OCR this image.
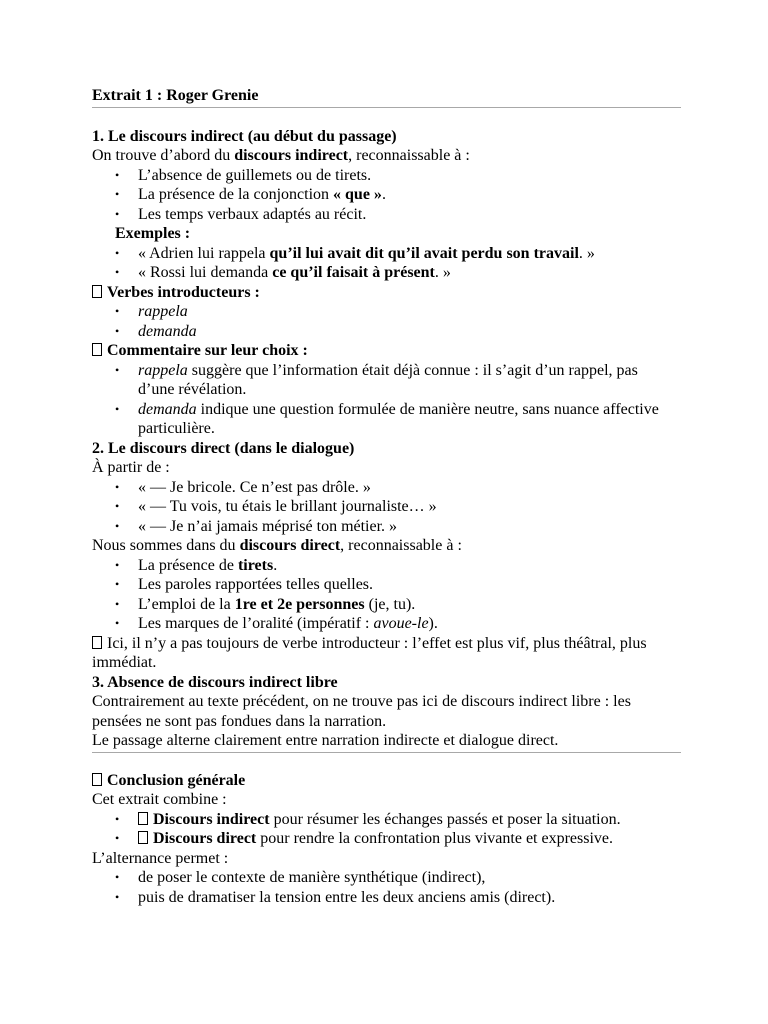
Extrait 1 : Roger Grenie

1. Le discours indirect (au début du passage)

On trouve d’abord du discours indirect, reconnaissable à :

• L’absence de guillemets ou de tirets.
• La présence de la conjonction « que ».
• Les temps verbaux adaptés au récit.
Exemples :
• « Adrien lui rappela qu’il lui avait dit qu’il avait perdu son travail. »
• « Rossi lui demanda ce qu’il faisait à présent. »

Verbes introducteurs :

• rappela
• demanda

Commentaire sur leur choix :

• rappela suggère que l’information était déjà connue : il s’agit d’un rappel, pas d’une révélation.
• demanda indique une question formulée de manière neutre, sans nuance affective particulière.

2. Le discours direct (dans le dialogue)

À partir de :

• « — Je bricole. Ce n’est pas drôle. »
• « — Tu vois, tu étais le brillant journaliste… »
• « — Je n’ai jamais méprisé ton métier. »

Nous sommes dans du discours direct, reconnaissable à :

• La présence de tirets.
• Les paroles rapportées telles quelles.
• L’emploi de la 1re et 2e personnes (je, tu).
• Les marques de l’oralité (impératif : avoue-le).

Ici, il n’y a pas toujours de verbe introducteur : l’effet est plus vif, plus théâtral, plus immédiat.

3. Absence de discours indirect libre

Contrairement au texte précédent, on ne trouve pas ici de discours indirect libre : les pensées ne sont pas fondues dans la narration.

Le passage alterne clairement entre narration indirecte et dialogue direct.

Conclusion générale

Cet extrait combine :

• Discours indirect pour résumer les échanges passés et poser la situation.
• Discours direct pour rendre la confrontation plus vivante et expressive.

L’alternance permet :

• de poser le contexte de manière synthétique (indirect),
• puis de dramatiser la tension entre les deux anciens amis (direct).
